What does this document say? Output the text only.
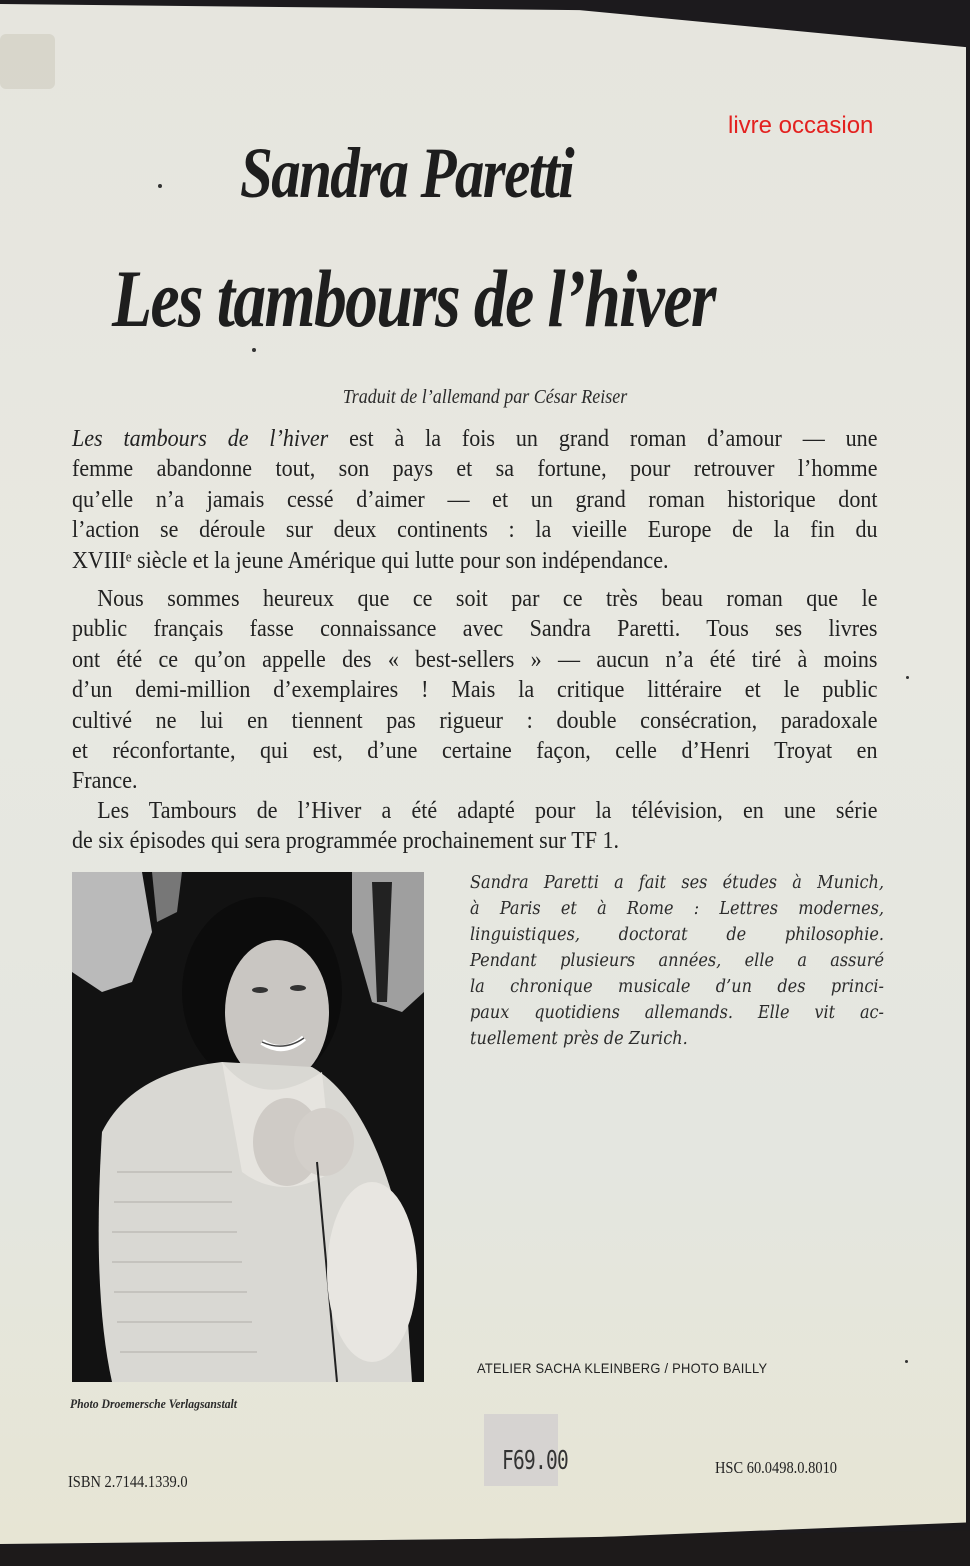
livre occasion
Sandra Paretti
Les tambours de l’hiver
Traduit de l’allemand par César Reiser
Les tambours de l’hiver est à la fois un grand roman d’amour — une
femme abandonne tout, son pays et sa fortune, pour retrouver l’homme
qu’elle n’a jamais cessé d’aimer — et un grand roman historique dont
l’action se déroule sur deux continents : la vieille Europe de la fin du
XVIIIᵉ siècle et la jeune Amérique qui lutte pour son indépendance.
Nous sommes heureux que ce soit par ce très beau roman que le
public français fasse connaissance avec Sandra Paretti. Tous ses livres
ont été ce qu’on appelle des « best-sellers » — aucun n’a été tiré à moins
d’un demi-million d’exemplaires ! Mais la critique littéraire et le public
cultivé ne lui en tiennent pas rigueur : double consécration, paradoxale
et réconfortante, qui est, d’une certaine façon, celle d’Henri Troyat en
France.
Les Tambours de l’Hiver a été adapté pour la télévision, en une série
de six épisodes qui sera programmée prochainement sur TF 1.
Photo Droemersche Verlagsanstalt
Sandra Paretti a fait ses études à Munich,
à Paris et à Rome : Lettres modernes,
linguistiques, doctorat de philosophie.
Pendant plusieurs années, elle a assuré
la chronique musicale d’un des princi-
paux quotidiens allemands. Elle vit ac-
tuellement près de Zurich.
ATELIER SACHA KLEINBERG / PHOTO BAILLY
F69.00	HSC 60.0498.0.8010
ISBN 2.7144.1339.0
